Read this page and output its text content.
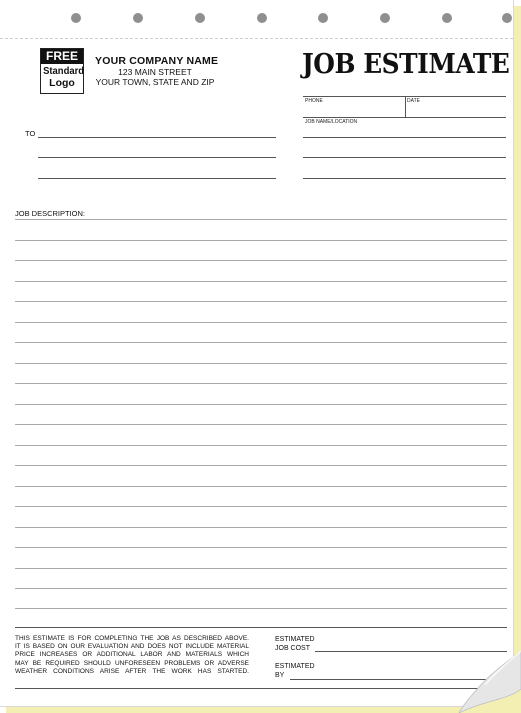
FREE
Standard
Logo
YOUR COMPANY NAME
123 MAIN STREET
YOUR TOWN, STATE AND ZIP
JOB ESTIMATE
PHONE	DATE
JOB NAME/LOCATION
TO
JOB DESCRIPTION:
THIS ESTIMATE IS FOR COMPLETING THE JOB AS DESCRIBED ABOVE.
IT IS BASED ON OUR EVALUATION AND DOES NOT INCLUDE MATERIAL
PRICE INCREASES OR ADDITIONAL LABOR AND MATERIALS WHICH
MAY BE REQUIRED SHOULD UNFORESEEN PROBLEMS OR ADVERSE
WEATHER CONDITIONS ARISE AFTER THE WORK HAS STARTED.
ESTIMATED
JOB COST
ESTIMATED
BY
